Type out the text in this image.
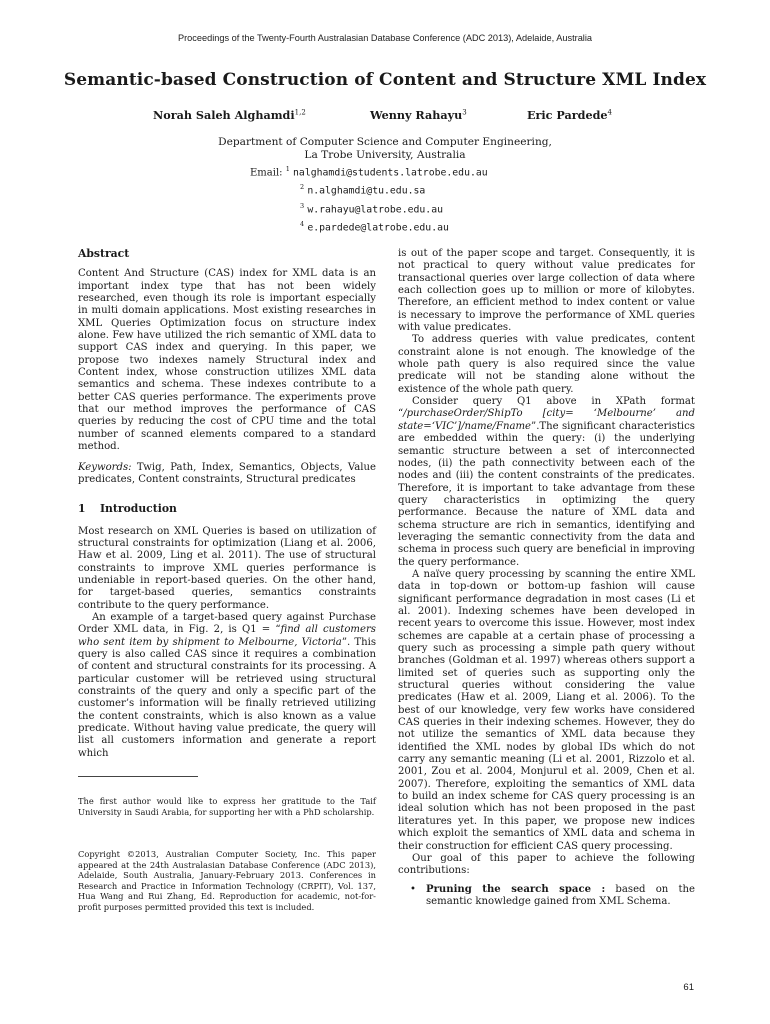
Proceedings of the Twenty-Fourth Australasian Database Conference (ADC 2013), Adelaide, Australia
Semantic-based Construction of Content and Structure XML Index
Norah Saleh Alghamdi$^{1,2}$	Wenny Rahayu$^3$	Eric Pardede$^4$
Department of Computer Science and Computer Engineering,
La Trobe University, Australia
Email: $^1$ nalghamdi@students.latrobe.edu.au
$^2$ n.alghamdi@tu.edu.sa
$^3$ w.rahayu@latrobe.edu.au
$^4$ e.pardede@latrobe.edu.au

Abstract

Content And Structure (CAS) index for XML data is an important index type that has not been widely researched, even though its role is important especially in multi domain applications. Most existing researches in XML Queries Optimization focus on structure index alone. Few have utilized the rich semantic of XML data to support CAS index and querying. In this paper, we propose two indexes namely Structural index and Content index, whose construction utilizes XML data semantics and schema. These indexes contribute to a better CAS queries performance. The experiments prove that our method improves the performance of CAS queries by reducing the cost of CPU time and the total number of scanned elements compared to a standard method.

Keywords: Twig, Path, Index, Semantics, Objects, Value predicates, Content constraints, Structural predicates

1 Introduction

Most research on XML Queries is based on utilization of structural constraints for optimization (Liang et al. 2006, Haw et al. 2009, Ling et al. 2011). The use of structural constraints to improve XML queries performance is undeniable in report-based queries. On the other hand, for target-based queries, semantics constraints contribute to the query performance.

An example of a target-based query against Purchase Order XML data, in Fig. 2, is Q1 = “find all customers who sent item by shipment to Melbourne, Victoria”. This query is also called CAS since it requires a combination of content and structural constraints for its processing. A particular customer will be retrieved using structural constraints of the query and only a specific part of the customer’s information will be finally retrieved utilizing the content constraints, which is also known as a value predicate. Without having value predicate, the query will list all customers information and generate a report which

The first author would like to express her gratitude to the Taif University in Saudi Arabia, for supporting her with a PhD scholarship.
Copyright ©2013, Australian Computer Society, Inc. This paper appeared at the 24th Australasian Database Conference (ADC 2013), Adelaide, South Australia, January-February 2013. Conferences in Research and Practice in Information Technology (CRPIT), Vol. 137, Hua Wang and Rui Zhang, Ed. Reproduction for academic, not-for-profit purposes permitted provided this text is included.

is out of the paper scope and target. Consequently, it is not practical to query without value predicates for transactional queries over large collection of data where each collection goes up to million or more of kilobytes. Therefore, an efficient method to index content or value is necessary to improve the performance of XML queries with value predicates.

To address queries with value predicates, content constraint alone is not enough. The knowledge of the whole path query is also required since the value predicate will not be standing alone without the existence of the whole path query.

Consider query Q1 above in XPath format “/purchaseOrder/ShipTo [city= ‘Melbourne’ and state=‘VIC’]/name/Fname”.The significant characteristics are embedded within the query: (i) the underlying semantic structure between a set of interconnected nodes, (ii) the path connectivity between each of the nodes and (iii) the content constraints of the predicates. Therefore, it is important to take advantage from these query characteristics in optimizing the query performance. Because the nature of XML data and schema structure are rich in semantics, identifying and leveraging the semantic connectivity from the data and schema in process such query are beneficial in improving the query performance.

A naïve query processing by scanning the entire XML data in top-down or bottom-up fashion will cause significant performance degradation in most cases (Li et al. 2001). Indexing schemes have been developed in recent years to overcome this issue. However, most index schemes are capable at a certain phase of processing a query such as processing a simple path query without branches (Goldman et al. 1997) whereas others support a limited set of queries such as supporting only the structural queries without considering the value predicates (Haw et al. 2009, Liang et al. 2006). To the best of our knowledge, very few works have considered CAS queries in their indexing schemes. However, they do not utilize the semantics of XML data because they identified the XML nodes by global IDs which do not carry any semantic meaning (Li et al. 2001, Rizzolo et al. 2001, Zou et al. 2004, Monjurul et al. 2009, Chen et al. 2007). Therefore, exploiting the semantics of XML data to build an index scheme for CAS query processing is an ideal solution which has not been proposed in the past literatures yet. In this paper, we propose new indices which exploit the semantics of XML data and schema in their construction for efficient CAS query processing.

Our goal of this paper to achieve the following contributions:

• Pruning the search space : based on the semantic knowledge gained from XML Schema.

61
